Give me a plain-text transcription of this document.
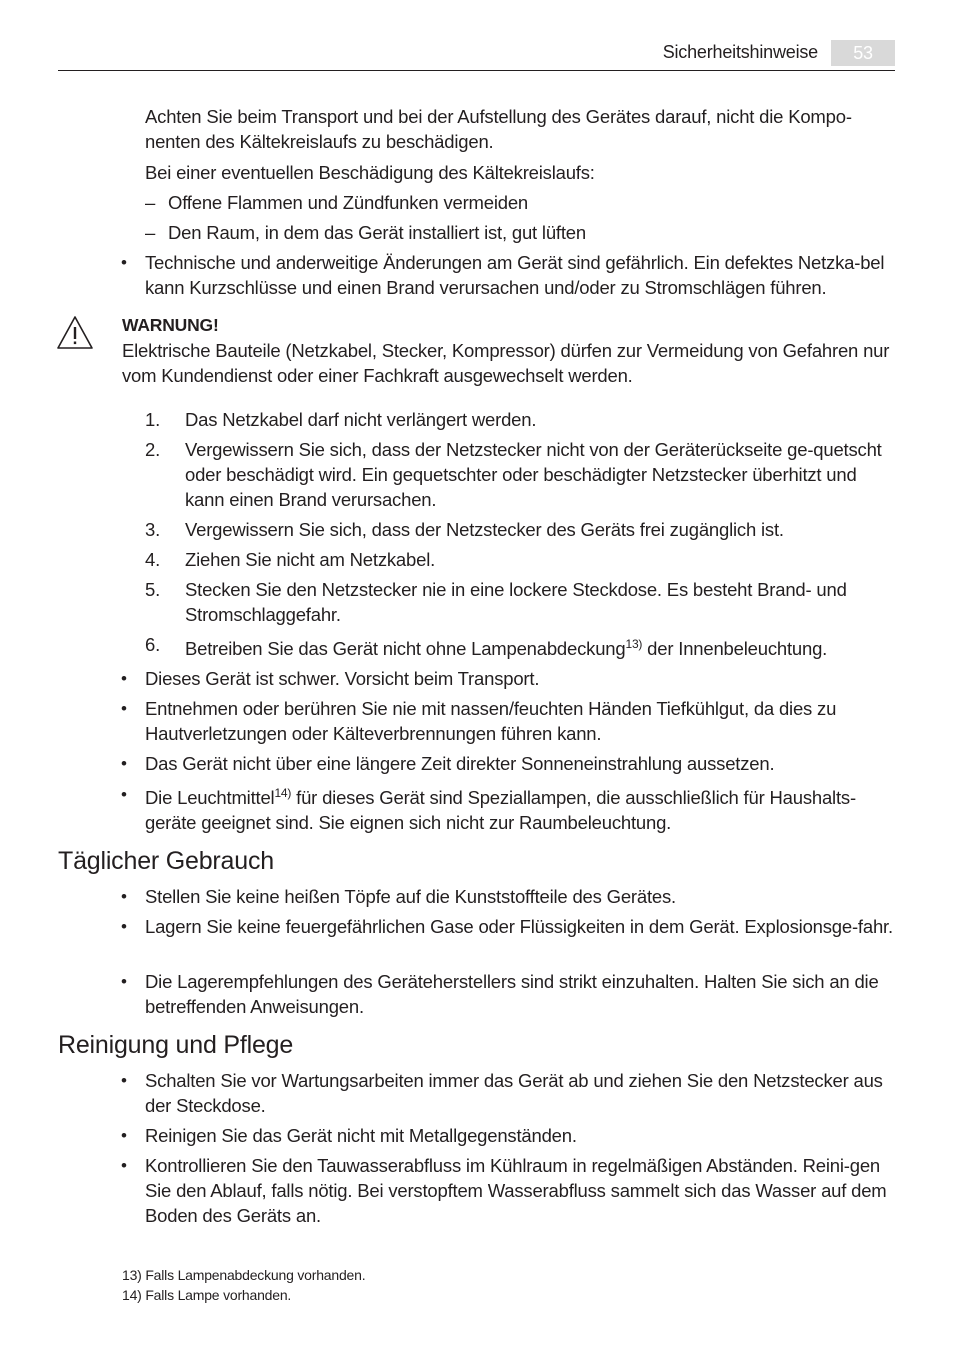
Sicherheitshinweise	53
Achten Sie beim Transport und bei der Aufstellung des Gerätes darauf, nicht die Kompo-nenten des Kältekreislaufs zu beschädigen.
Bei einer eventuellen Beschädigung des Kältekreislaufs:
– Offene Flammen und Zündfunken vermeiden
– Den Raum, in dem das Gerät installiert ist, gut lüften
• Technische und anderweitige Änderungen am Gerät sind gefährlich. Ein defektes Netzka-bel kann Kurzschlüsse und einen Brand verursachen und/oder zu Stromschlägen führen.
WARNUNG!
Elektrische Bauteile (Netzkabel, Stecker, Kompressor) dürfen zur Vermeidung von Gefahren nur vom Kundendienst oder einer Fachkraft ausgewechselt werden.
1. Das Netzkabel darf nicht verlängert werden.
2. Vergewissern Sie sich, dass der Netzstecker nicht von der Geräterückseite ge-quetscht oder beschädigt wird. Ein gequetschter oder beschädigter Netzstecker überhitzt und kann einen Brand verursachen.
3. Vergewissern Sie sich, dass der Netzstecker des Geräts frei zugänglich ist.
4. Ziehen Sie nicht am Netzkabel.
5. Stecken Sie den Netzstecker nie in eine lockere Steckdose. Es besteht Brand- und Stromschlaggefahr.
6. Betreiben Sie das Gerät nicht ohne Lampenabdeckung$^{13)}$ der Innenbeleuchtung.
• Dieses Gerät ist schwer. Vorsicht beim Transport.
• Entnehmen oder berühren Sie nie mit nassen/feuchten Händen Tiefkühlgut, da dies zu Hautverletzungen oder Kälteverbrennungen führen kann.
• Das Gerät nicht über eine längere Zeit direkter Sonneneinstrahlung aussetzen.
• Die Leuchtmittel$^{14)}$ für dieses Gerät sind Speziallampen, die ausschließlich für Haushalts-geräte geeignet sind. Sie eignen sich nicht zur Raumbeleuchtung.
Täglicher Gebrauch
• Stellen Sie keine heißen Töpfe auf die Kunststoffteile des Gerätes.
• Lagern Sie keine feuergefährlichen Gase oder Flüssigkeiten in dem Gerät. Explosionsge-fahr.
• Die Lagerempfehlungen des Geräteherstellers sind strikt einzuhalten. Halten Sie sich an die betreffenden Anweisungen.
Reinigung und Pflege
• Schalten Sie vor Wartungsarbeiten immer das Gerät ab und ziehen Sie den Netzstecker aus der Steckdose.
• Reinigen Sie das Gerät nicht mit Metallgegenständen.
• Kontrollieren Sie den Tauwasserabfluss im Kühlraum in regelmäßigen Abständen. Reini-gen Sie den Ablauf, falls nötig. Bei verstopftem Wasserabfluss sammelt sich das Wasser auf dem Boden des Geräts an.
13) Falls Lampenabdeckung vorhanden.
14) Falls Lampe vorhanden.
